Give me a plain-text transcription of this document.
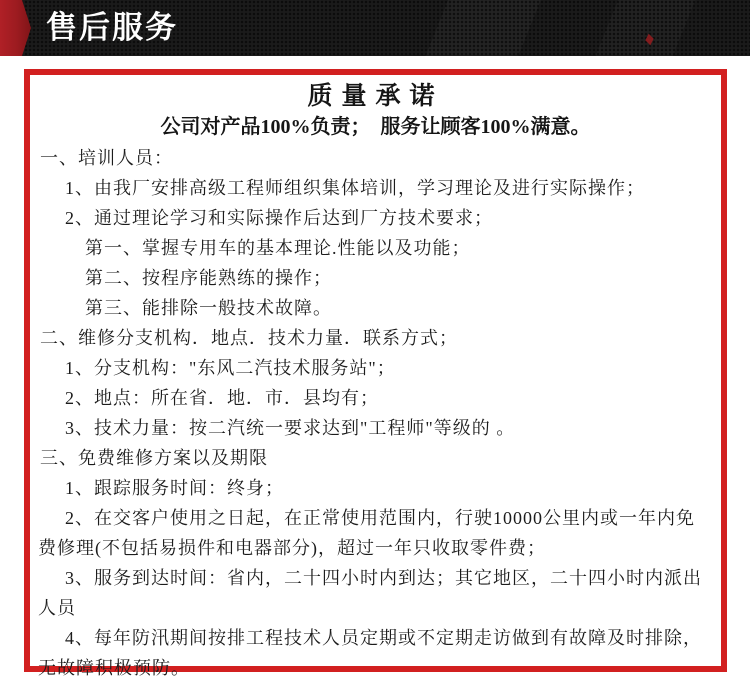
售后服务
质量承诺
公司对产品100%负责；　服务让顾客100%满意。
一、培训人员：
1、由我厂安排高级工程师组织集体培训，学习理论及进行实际操作；
2、通过理论学习和实际操作后达到厂方技术要求；
第一、掌握专用车的基本理论.性能以及功能；
第二、按程序能熟练的操作；
第三、能排除一般技术故障。
二、维修分支机构．地点．技术力量．联系方式；
1、分支机构："东风二汽技术服务站"；
2、地点：所在省．地．市．县均有；
3、技术力量：按二汽统一要求达到"工程师"等级的 。
三、免费维修方案以及期限
1、跟踪服务时间：终身；
2、在交客户使用之日起，在正常使用范围内，行驶10000公里内或一年内免费修理(不包括易损件和电器部分)，超过一年只收取零件费；
3、服务到达时间：省内，二十四小时内到达；其它地区，二十四小时内派出人员
4、每年防汛期间按排工程技术人员定期或不定期走访做到有故障及时排除，无故障积极预防。
